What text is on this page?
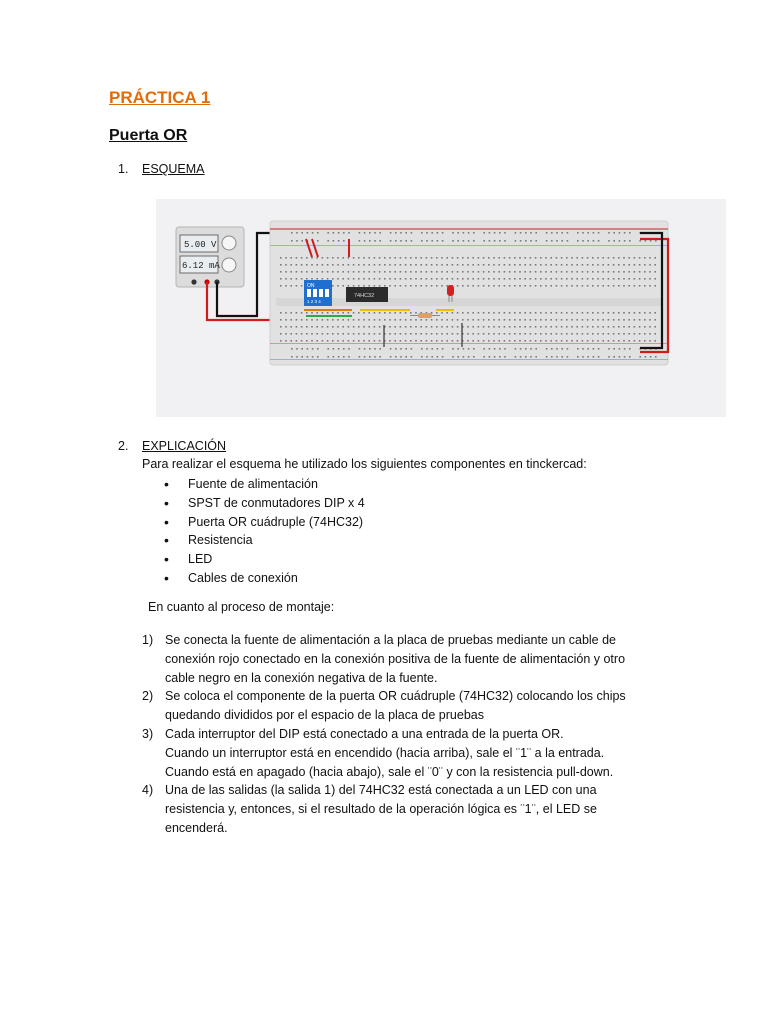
PRÁCTICA 1
Puerta OR
1. ESQUEMA
5.00 V
6.12 mA
ON
1 2 3 4
74HC32
2. EXPLICACIÓN
Para realizar el esquema he utilizado los siguientes componentes en tinckercad:
• Fuente de alimentación
• SPST de conmutadores DIP x 4
• Puerta OR cuádruple (74HC32)
• Resistencia
• LED
• Cables de conexión
En cuanto al proceso de montaje:
1) Se conecta la fuente de alimentación a la placa de pruebas mediante un cable de
conexión rojo conectado en la conexión positiva de la fuente de alimentación y otro
cable negro en la conexión negativa de la fuente.
2) Se coloca el componente de la puerta OR cuádruple (74HC32) colocando los chips
quedando divididos por el espacio de la placa de pruebas
3) Cada interruptor del DIP está conectado a una entrada de la puerta OR.
Cuando un interruptor está en encendido (hacia arriba), sale el ¨1¨ a la entrada.
Cuando está en apagado (hacia abajo), sale el ¨0¨ y con la resistencia pull-down.
4) Una de las salidas (la salida 1) del 74HC32 está conectada a un LED con una
resistencia y, entonces, si el resultado de la operación lógica es ¨1¨, el LED se
encenderá.
